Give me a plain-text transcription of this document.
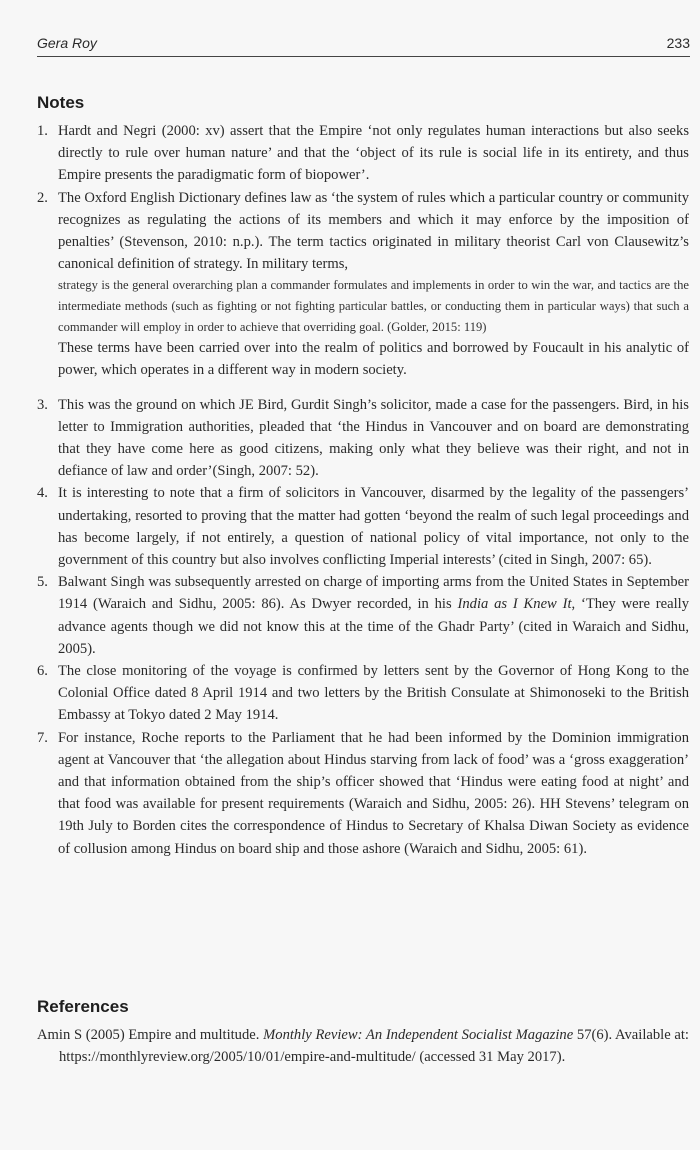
Gera Roy	233
Notes
1. Hardt and Negri (2000: xv) assert that the Empire ‘not only regulates human interactions but also seeks directly to rule over human nature’ and that the ‘object of its rule is social life in its entirety, and thus Empire presents the paradigmatic form of biopower’.

2. The Oxford English Dictionary defines law as ‘the system of rules which a particular country or community recognizes as regulating the actions of its members and which it may enforce by the imposition of penalties’ (Stevenson, 2010: n.p.). The term tactics originated in military theorist Carl von Clausewitz’s canonical definition of strategy. In military terms,

strategy is the general overarching plan a commander formulates and implements in order to win the war, and tactics are the intermediate methods (such as fighting or not fighting particular battles, or conducting them in particular ways) that such a commander will employ in order to achieve that overriding goal. (Golder, 2015: 119)

These terms have been carried over into the realm of politics and borrowed by Foucault in his analytic of power, which operates in a different way in modern society.

3. This was the ground on which JE Bird, Gurdit Singh’s solicitor, made a case for the passengers. Bird, in his letter to Immigration authorities, pleaded that ‘the Hindus in Vancouver and on board are demonstrating that they have come here as good citizens, making only what they believe was their right, and not in defiance of law and order’(Singh, 2007: 52).

4. It is interesting to note that a firm of solicitors in Vancouver, disarmed by the legality of the passengers’ undertaking, resorted to proving that the matter had gotten ‘beyond the realm of such legal proceedings and has become largely, if not entirely, a question of national policy of vital importance, not only to the government of this country but also involves conflicting Imperial interests’ (cited in Singh, 2007: 65).

5. Balwant Singh was subsequently arrested on charge of importing arms from the United States in September 1914 (Waraich and Sidhu, 2005: 86). As Dwyer recorded, in his India as I Knew It, ‘They were really advance agents though we did not know this at the time of the Ghadr Party’ (cited in Waraich and Sidhu, 2005).

6. The close monitoring of the voyage is confirmed by letters sent by the Governor of Hong Kong to the Colonial Office dated 8 April 1914 and two letters by the British Consulate at Shimonoseki to the British Embassy at Tokyo dated 2 May 1914.

7. For instance, Roche reports to the Parliament that he had been informed by the Dominion immigration agent at Vancouver that ‘the allegation about Hindus starving from lack of food’ was a ‘gross exaggeration’ and that information obtained from the ship’s officer showed that ‘Hindus were eating food at night’ and that food was available for present requirements (Waraich and Sidhu, 2005: 26). HH Stevens’ telegram on 19th July to Borden cites the correspondence of Hindus to Secretary of Khalsa Diwan Society as evidence of collusion among Hindus on board ship and those ashore (Waraich and Sidhu, 2005: 61).

References
Amin S (2005) Empire and multitude. Monthly Review: An Independent Socialist Magazine 57(6). Available at: https://monthlyreview.org/2005/10/01/empire-and-multitude/ (accessed 31 May 2017).
